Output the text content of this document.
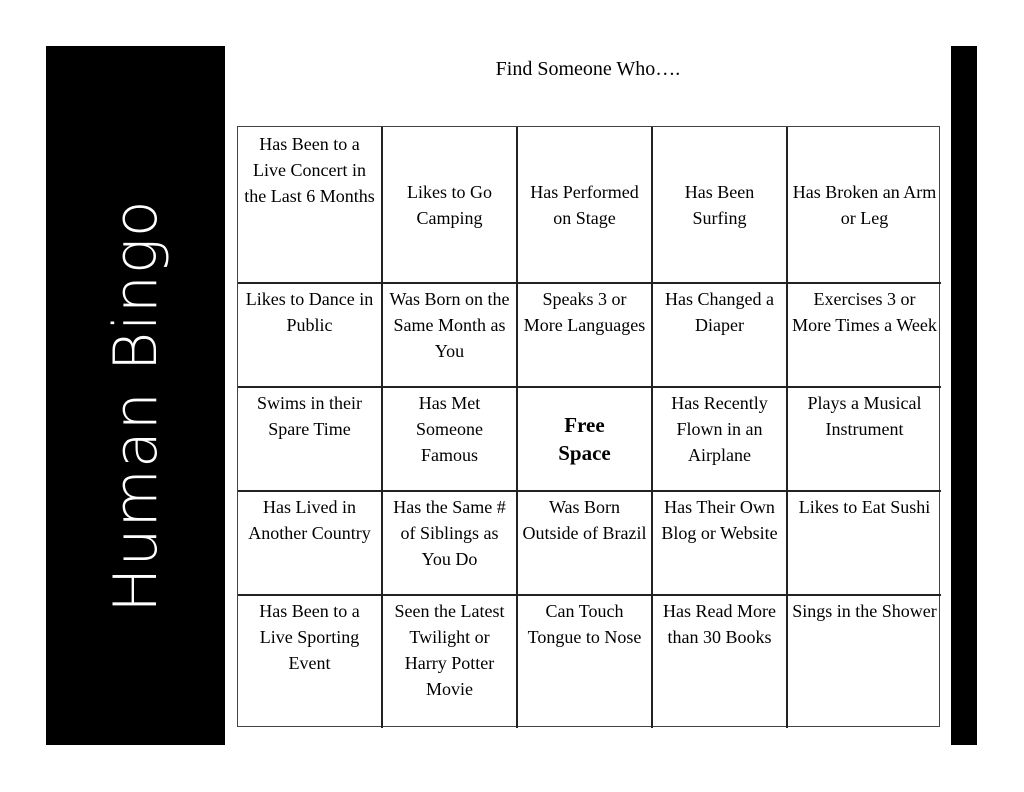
Human Bingo
Find Someone Who….
Has Been to a Live Concert in the Last 6 Months	Likes to Go Camping
Has Performed on Stage
Has Been Surfing
Has Broken an Arm or Leg
Likes to Dance in Public
Was Born on the Same Month as You
Speaks 3 or More Languages
Has Changed a Diaper
Exercises 3 or More Times a Week
Swims in their Spare Time
Has Met Someone Famous
Free Space
Has Recently Flown in an Airplane
Plays a Musical Instrument
Has Lived in Another Country
Has the Same # of Siblings as You Do
Was Born Outside of Brazil
Has Their Own Blog or Website
Likes to Eat Sushi
Has Been to a Live Sporting Event
Seen the Latest Twilight or Harry Potter Movie
Can Touch Tongue to Nose
Has Read More than 30 Books
Sings in the Shower
